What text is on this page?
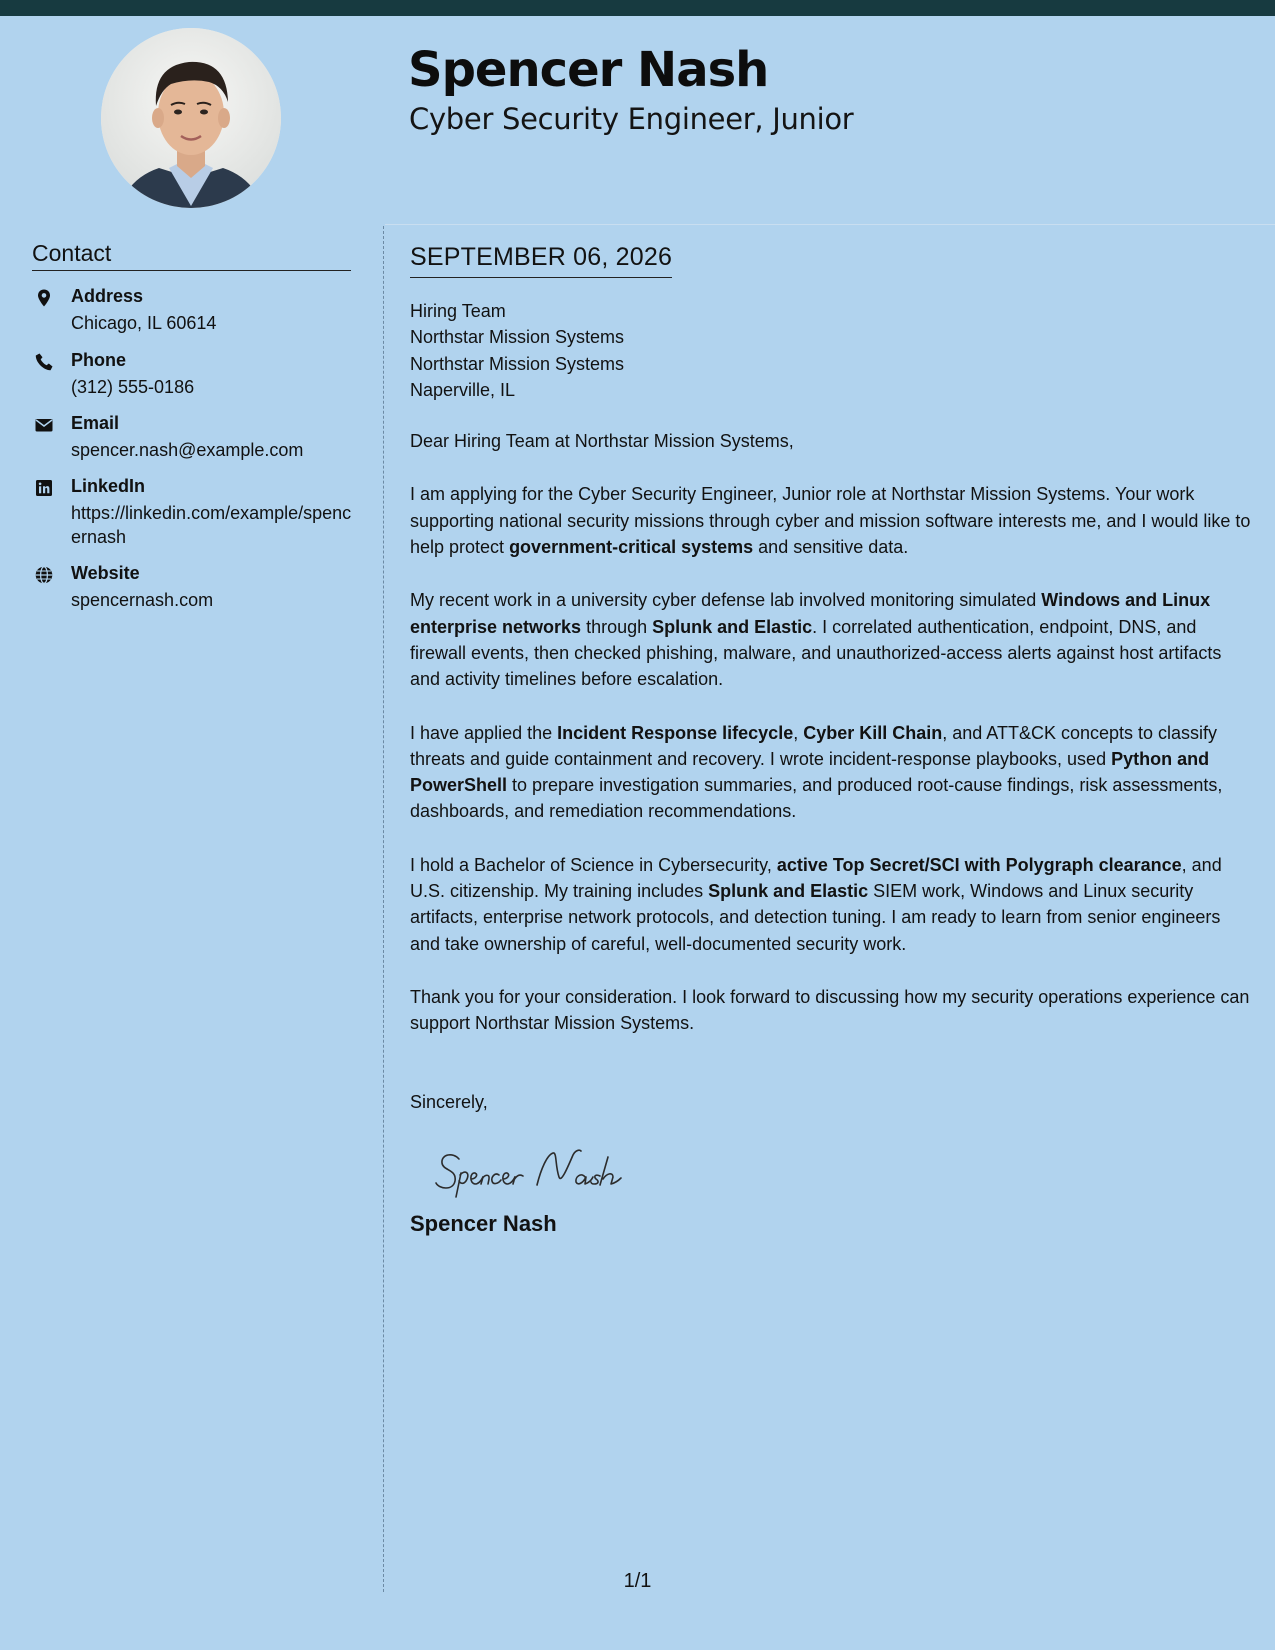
Spencer Nash
Cyber Security Engineer, Junior
Contact
Address
Chicago, IL 60614
Phone
(312) 555-0186
Email
spencer.nash@example.com
LinkedIn
https://linkedin.com/example/spencernash
Website
spencernash.com
SEPTEMBER 06, 2026

Hiring Team
Northstar Mission Systems
Northstar Mission Systems
Naperville, IL

Dear Hiring Team at Northstar Mission Systems,

I am applying for the Cyber Security Engineer, Junior role at Northstar Mission Systems. Your work supporting national security missions through cyber and mission software interests me, and I would like to help protect government-critical systems and sensitive data.

My recent work in a university cyber defense lab involved monitoring simulated Windows and Linux enterprise networks through Splunk and Elastic. I correlated authentication, endpoint, DNS, and firewall events, then checked phishing, malware, and unauthorized-access alerts against host artifacts and activity timelines before escalation.

I have applied the Incident Response lifecycle, Cyber Kill Chain, and ATT&CK concepts to classify threats and guide containment and recovery. I wrote incident-response playbooks, used Python and PowerShell to prepare investigation summaries, and produced root-cause findings, risk assessments, dashboards, and remediation recommendations.

I hold a Bachelor of Science in Cybersecurity, active Top Secret/SCI with Polygraph clearance, and U.S. citizenship. My training includes Splunk and Elastic SIEM work, Windows and Linux security artifacts, enterprise network protocols, and detection tuning. I am ready to learn from senior engineers and take ownership of careful, well-documented security work.

Thank you for your consideration. I look forward to discussing how my security operations experience can support Northstar Mission Systems.

Sincerely,

Spencer Nash

1/1
